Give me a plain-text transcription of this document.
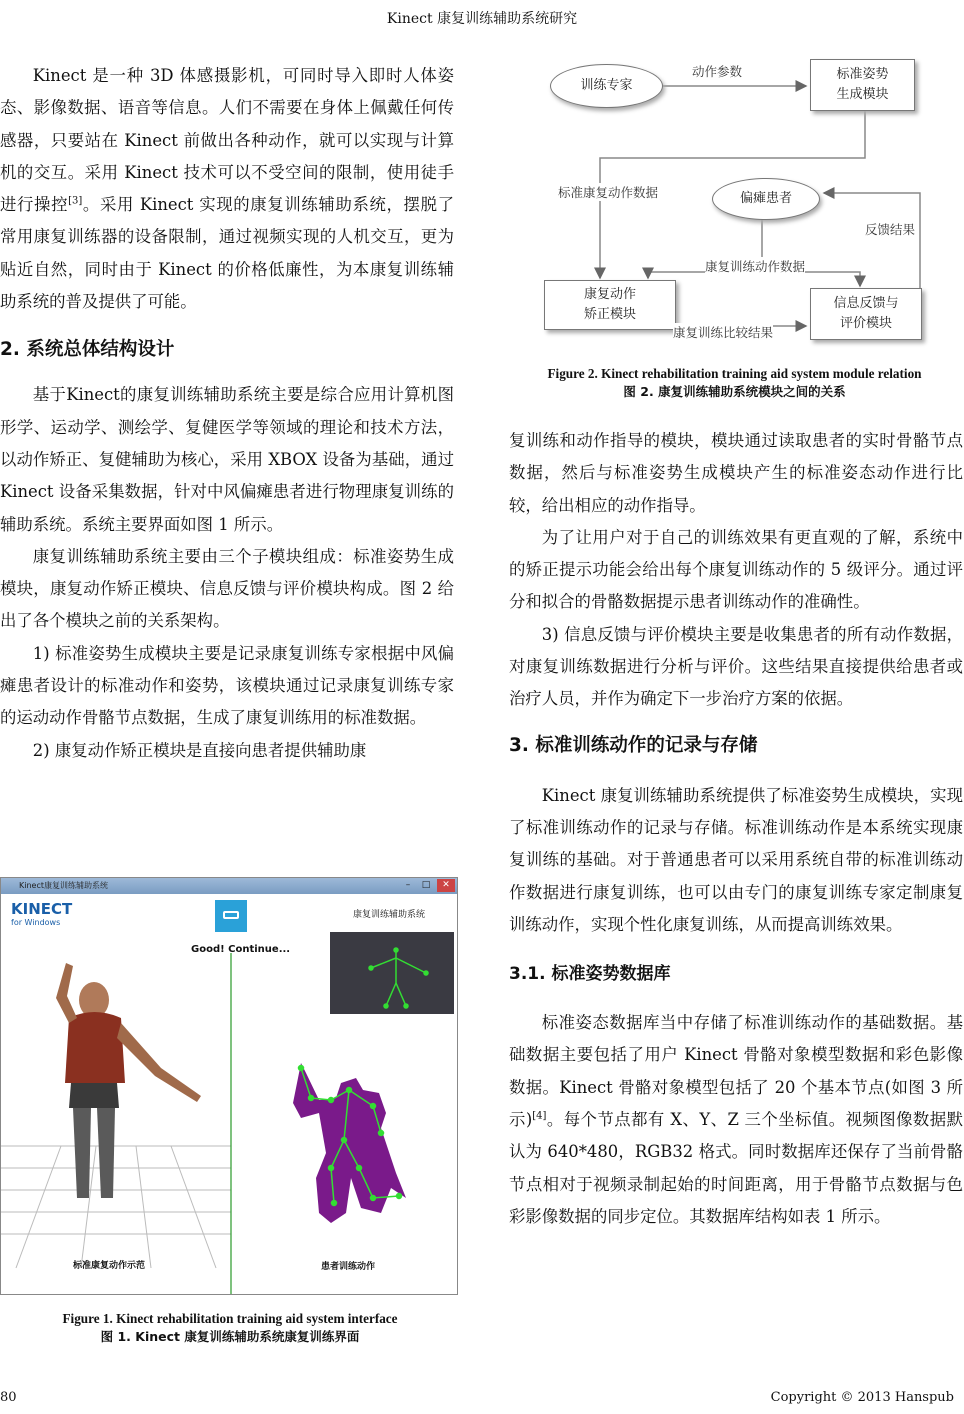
Kinect 康复训练辅助系统研究

Kinect 是一种 3D 体感摄影机，可同时导入即时人体姿态、影像数据、语音等信息。人们不需要在身体上佩戴任何传感器，只要站在 Kinect 前做出各种动作，就可以实现与计算机的交互。采用 Kinect 技术可以不受空间的限制，使用徒手进行操控[3]。采用 Kinect 实现的康复训练辅助系统，摆脱了常用康复训练器的设备限制，通过视频实现的人机交互，更为贴近自然，同时由于 Kinect 的价格低廉性，为本康复训练辅助系统的普及提供了可能。

2. 系统总体结构设计

基于Kinect的康复训练辅助系统主要是综合应用计算机图形学、运动学、测绘学、复健医学等领域的理论和技术方法，以动作矫正、复健辅助为核心，采用 XBOX 设备为基础，通过 Kinect 设备采集数据，针对中风偏瘫患者进行物理康复训练的辅助系统。系统主要界面如图 1 所示。

康复训练辅助系统主要由三个子模块组成：标准姿势生成模块，康复动作矫正模块、信息反馈与评价模块构成。图 2 给出了各个模块之前的关系架构。

1) 标准姿势生成模块主要是记录康复训练专家根据中风偏瘫患者设计的标准动作和姿势，该模块通过记录康复训练专家的运动动作骨骼节点数据，生成了康复训练用的标准数据。

2) 康复动作矫正模块是直接向患者提供辅助康

训练专家
动作参数	标准姿势
生成模块
标准康复动作数据	偏瘫患者
反馈结果
康复训练动作数据
康复动作
矫正模块
信息反馈与
评价模块
康复训练比较结果
Figure 2. Kinect rehabilitation training aid system module relation
图 2. 康复训练辅助系统模块之间的关系

复训练和动作指导的模块，模块通过读取患者的实时骨骼节点数据，然后与标准姿势生成模块产生的标准姿态动作进行比较，给出相应的动作指导。

为了让用户对于自己的训练效果有更直观的了解，系统中的矫正提示功能会给出每个康复训练动作的 5 级评分。通过评分和拟合的骨骼数据提示患者训练动作的准确性。

3) 信息反馈与评价模块主要是收集患者的所有动作数据，对康复训练数据进行分析与评价。这些结果直接提供给患者或治疗人员，并作为确定下一步治疗方案的依据。

3. 标准训练动作的记录与存储

Kinect 康复训练辅助系统提供了标准姿势生成模块，实现了标准训练动作的记录与存储。标准训练动作是本系统实现康复训练的基础。对于普通患者可以采用系统自带的标准训练动作数据进行康复训练，也可以由专门的康复训练专家定制康复训练动作，实现个性化康复训练，从而提高训练效果。

3.1. 标准姿势数据库

标准姿态数据库当中存储了标准训练动作的基础数据。基础数据主要包括了用户 Kinect 骨骼对象模型数据和彩色影像数据。Kinect 骨骼对象模型包括了 20 个基本节点(如图 3 所示)[4]。每个节点都有 X、Y、Z 三个坐标值。视频图像数据默认为 640*480，RGB32 格式。同时数据库还保存了当前骨骼节点相对于视频录制起始的时间距离，用于骨骼节点数据与色彩影像数据的同步定位。其数据库结构如表 1 所示。

Kinect康复训练辅助系统	–	□	✕
KINECT
for Windows
康复训练辅助系统
Good! Continue...
标准康复动作示范	患者训练动作
Figure 1. Kinect rehabilitation training aid system interface
图 1. Kinect 康复训练辅助系统康复训练界面
80	Copyright © 2013 Hanspub
